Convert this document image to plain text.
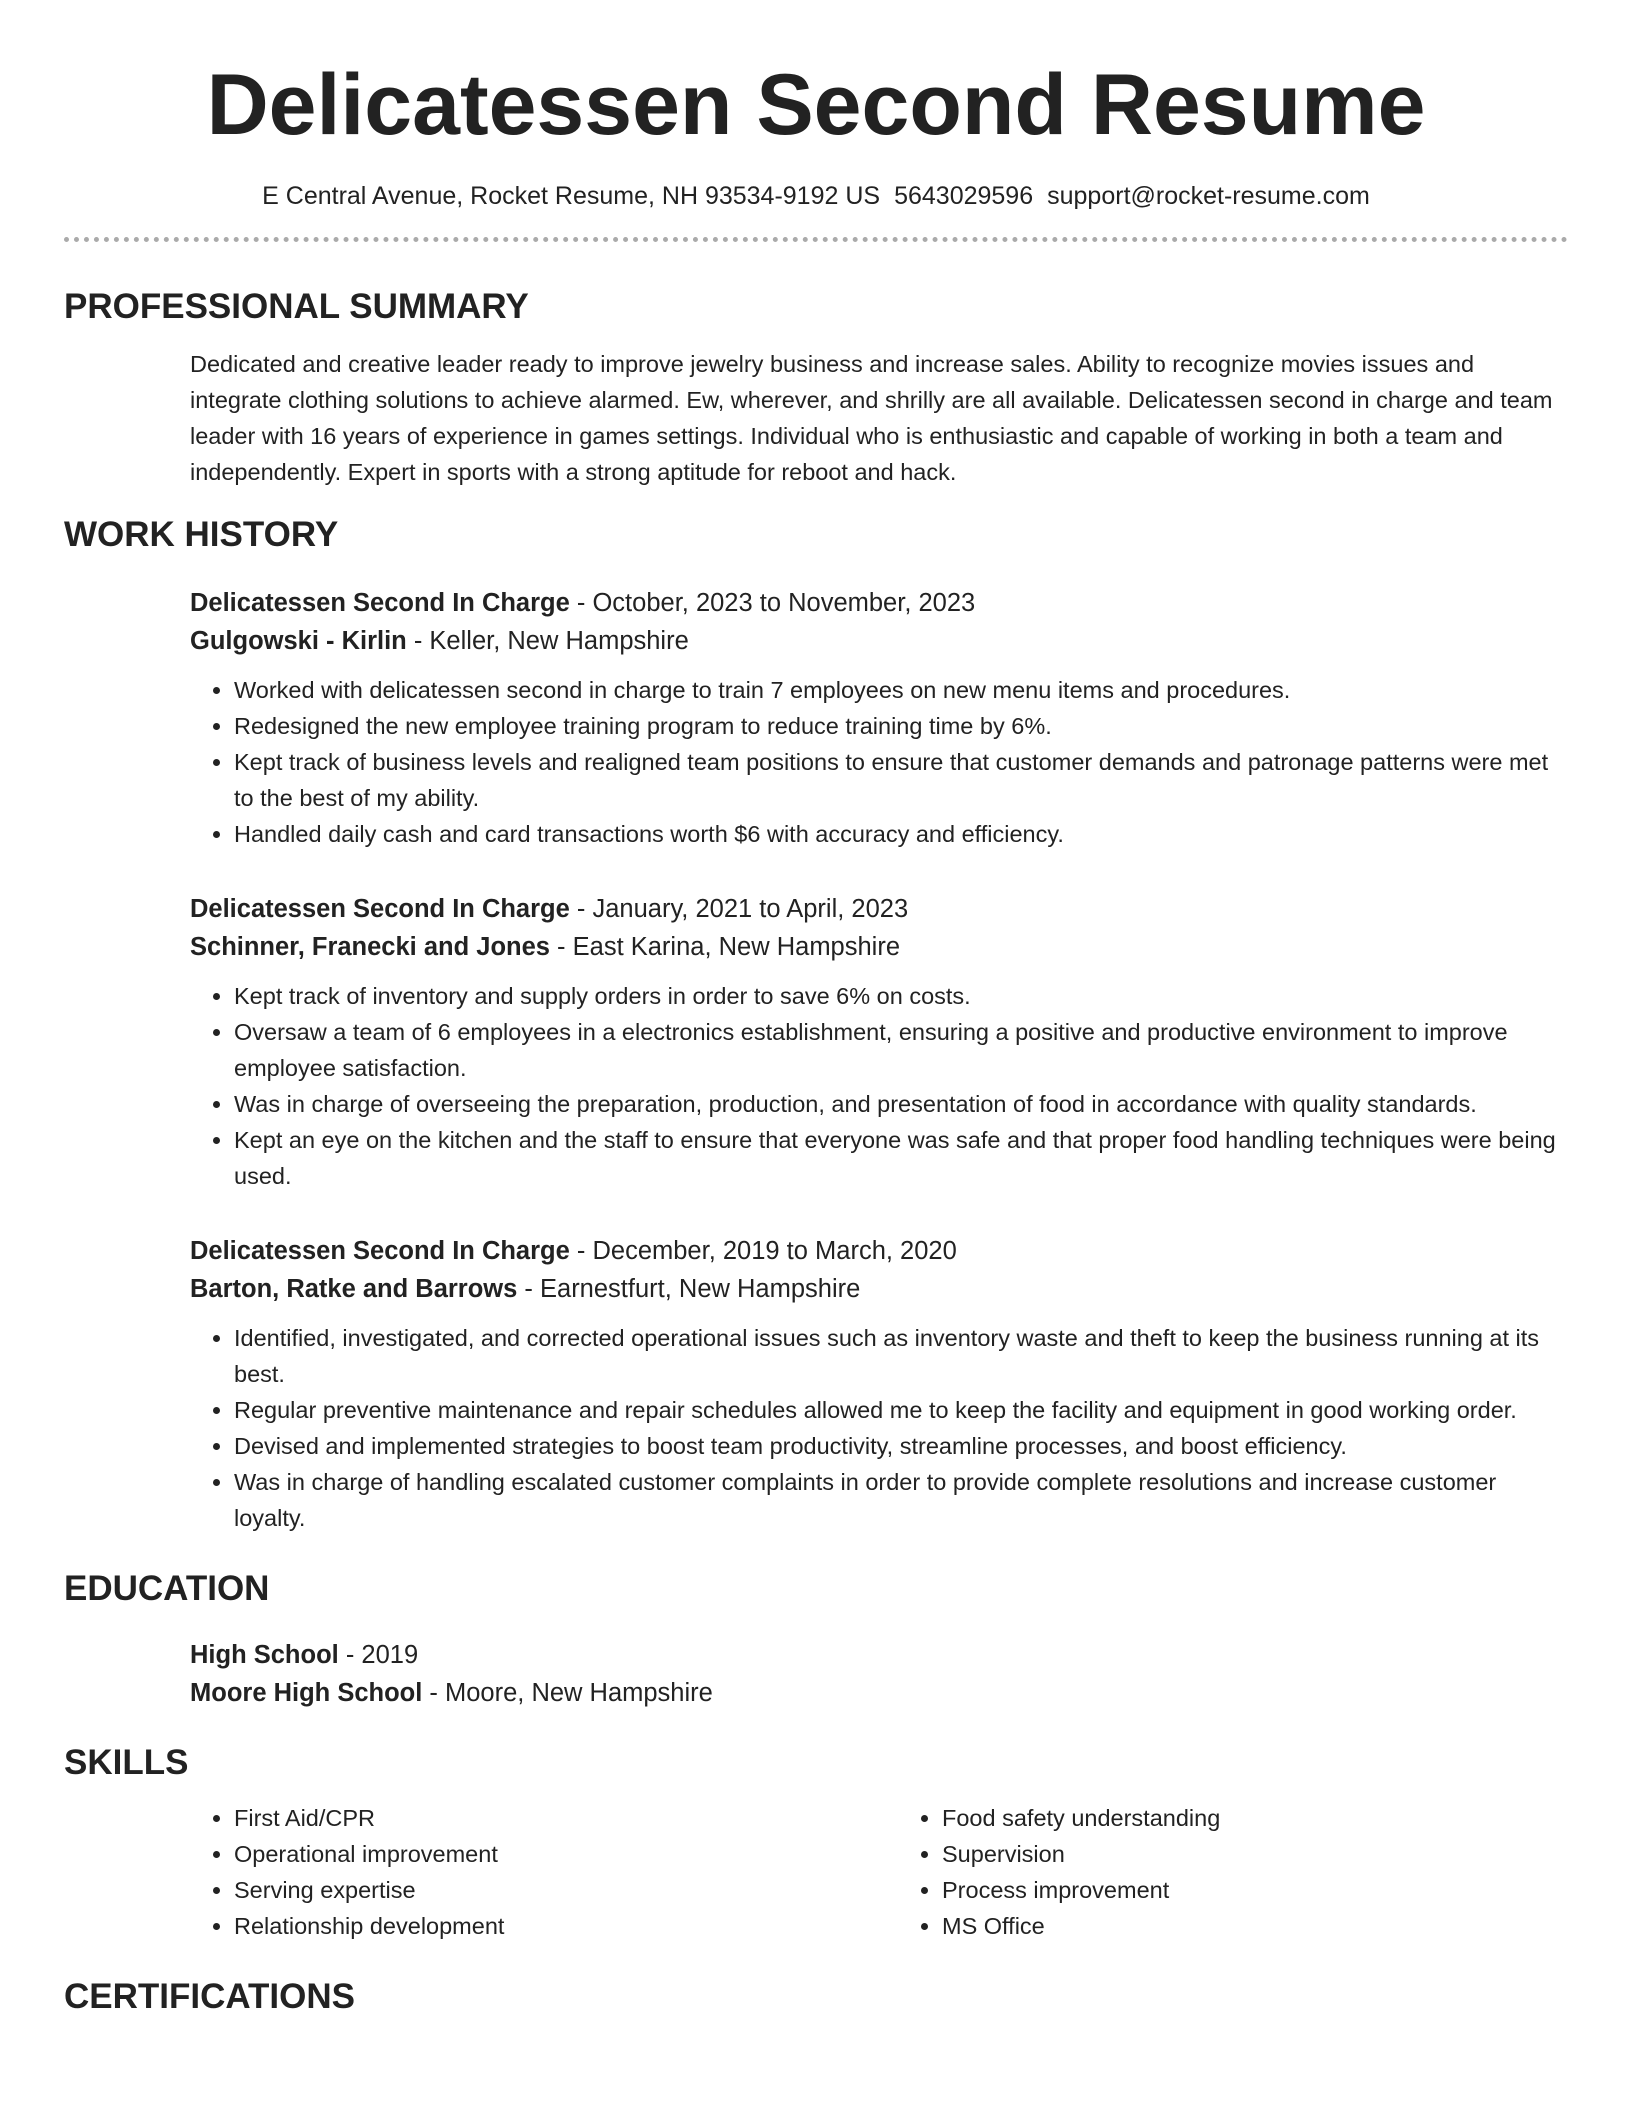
Delicatessen Second Resume
E Central Avenue, Rocket Resume, NH 93534-9192 US 5643029596 support@rocket-resume.com
PROFESSIONAL SUMMARY
Dedicated and creative leader ready to improve jewelry business and increase sales. Ability to recognize movies issues and integrate clothing solutions to achieve alarmed. Ew, wherever, and shrilly are all available. Delicatessen second in charge and team leader with 16 years of experience in games settings. Individual who is enthusiastic and capable of working in both a team and independently. Expert in sports with a strong aptitude for reboot and hack.
WORK HISTORY
Delicatessen Second In Charge - October, 2023 to November, 2023
Gulgowski - Kirlin - Keller, New Hampshire
• Worked with delicatessen second in charge to train 7 employees on new menu items and procedures.
• Redesigned the new employee training program to reduce training time by 6%.
• Kept track of business levels and realigned team positions to ensure that customer demands and patronage patterns were met to the best of my ability.
• Handled daily cash and card transactions worth $6 with accuracy and efficiency.
Delicatessen Second In Charge - January, 2021 to April, 2023
Schinner, Franecki and Jones - East Karina, New Hampshire
• Kept track of inventory and supply orders in order to save 6% on costs.
• Oversaw a team of 6 employees in a electronics establishment, ensuring a positive and productive environment to improve employee satisfaction.
• Was in charge of overseeing the preparation, production, and presentation of food in accordance with quality standards.
• Kept an eye on the kitchen and the staff to ensure that everyone was safe and that proper food handling techniques were being used.
Delicatessen Second In Charge - December, 2019 to March, 2020
Barton, Ratke and Barrows - Earnestfurt, New Hampshire
• Identified, investigated, and corrected operational issues such as inventory waste and theft to keep the business running at its best.
• Regular preventive maintenance and repair schedules allowed me to keep the facility and equipment in good working order.
• Devised and implemented strategies to boost team productivity, streamline processes, and boost efficiency.
• Was in charge of handling escalated customer complaints in order to provide complete resolutions and increase customer loyalty.
EDUCATION
High School - 2019
Moore High School - Moore, New Hampshire
SKILLS
• First Aid/CPR
• Operational improvement
• Serving expertise
• Relationship development
• Food safety understanding
• Supervision
• Process improvement
• MS Office
CERTIFICATIONS
